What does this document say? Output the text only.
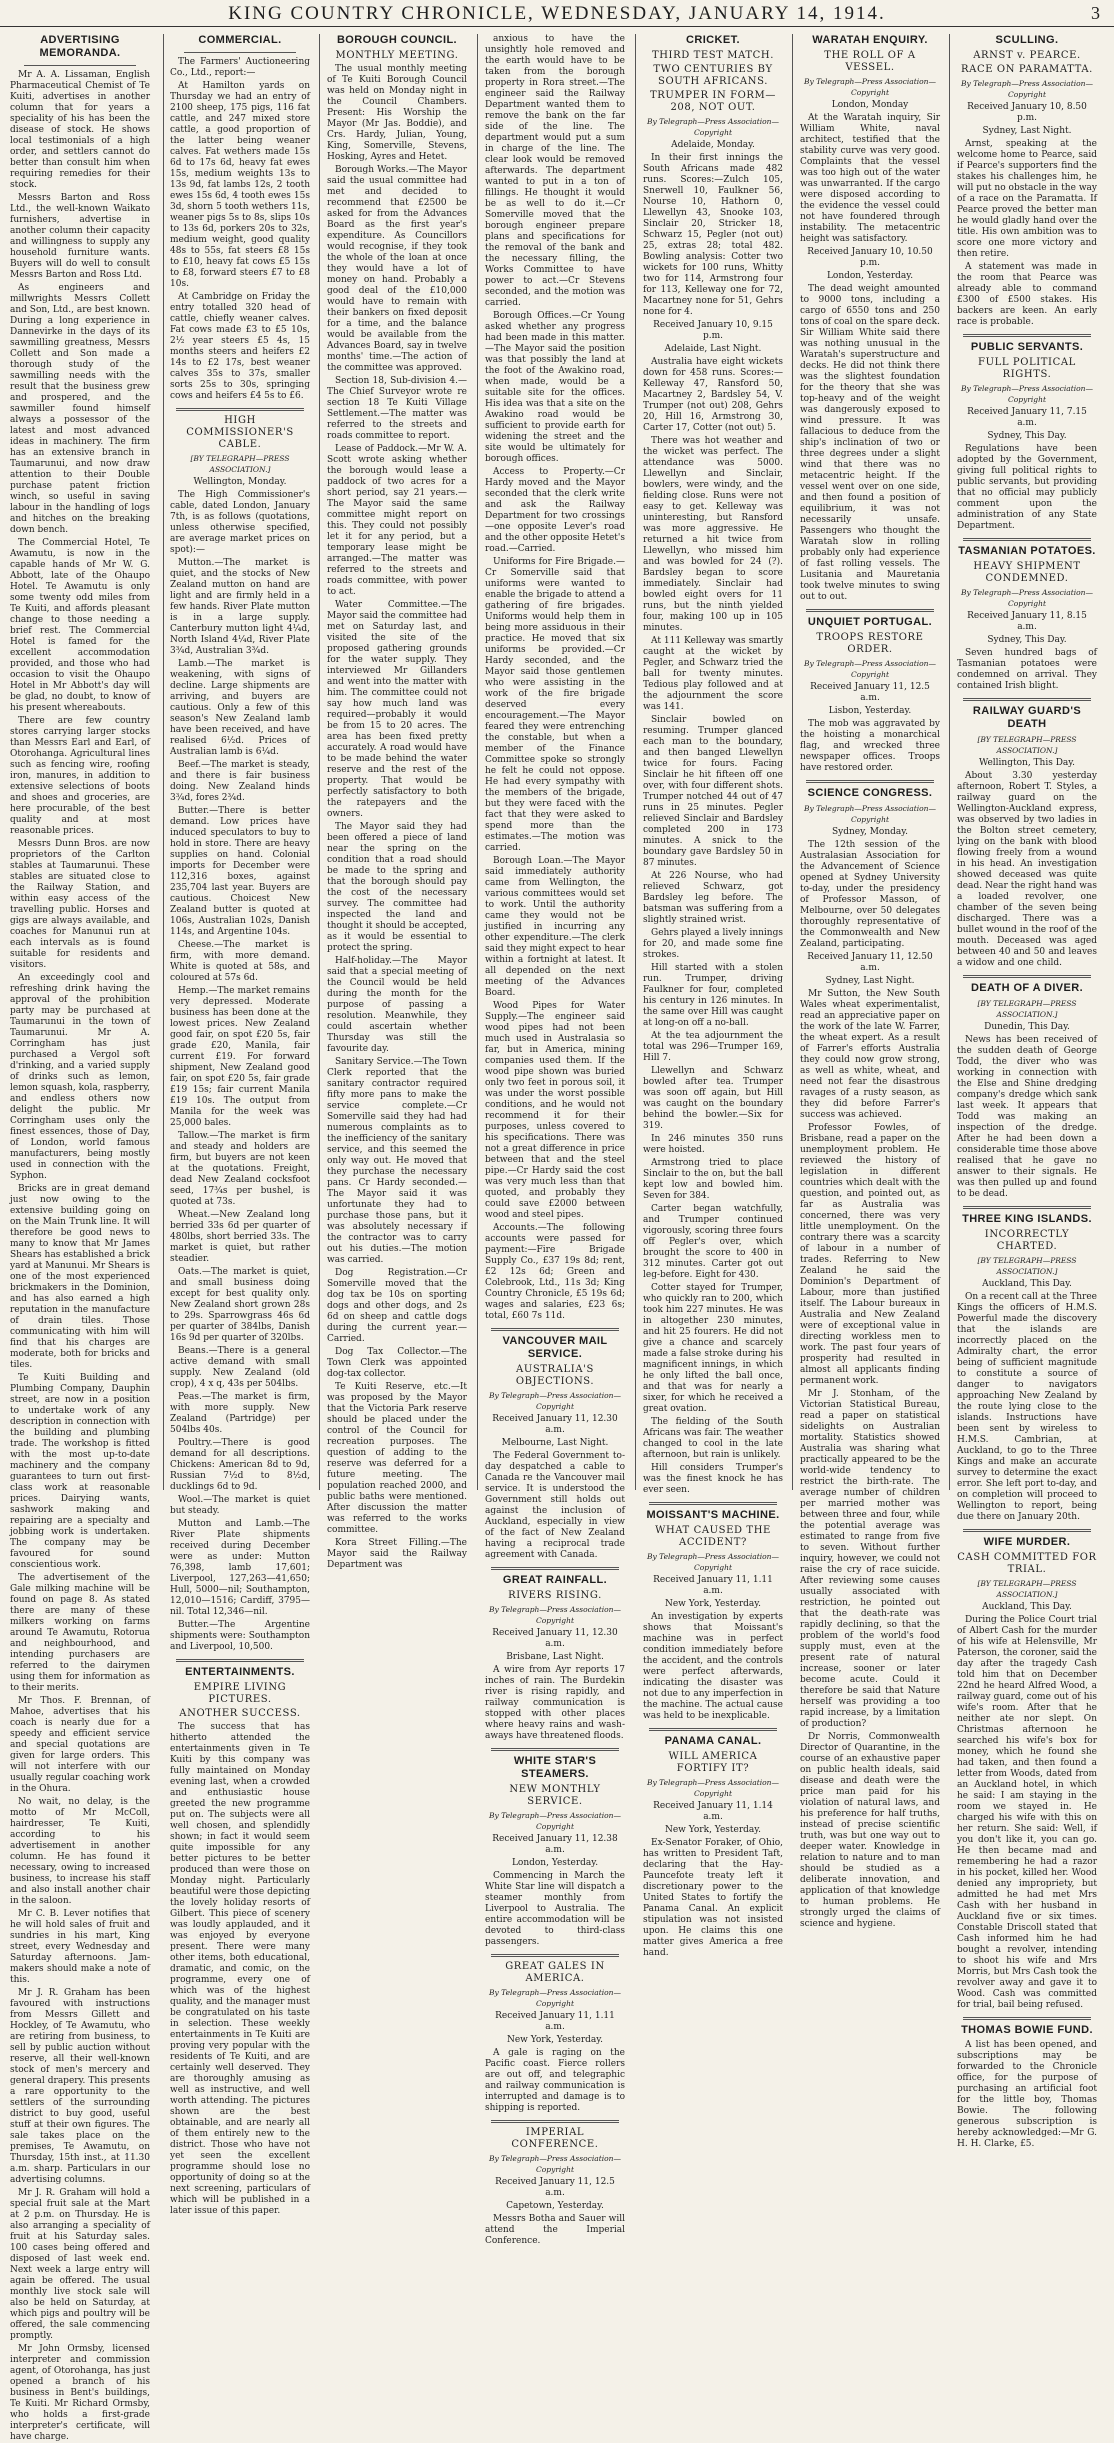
KING COUNTRY CHRONICLE, WEDNESDAY, JANUARY 14, 1914.	3
ADVERTISING MEMORANDA.

Mr A. A. Lissaman, English Pharmaceutical Chemist of Te Kuiti, advertises in another column that for years a speciality of his has been the disease of stock. He shows local testimonials of a high order, and settlers cannot do better than consult him when requiring remedies for their stock.

Messrs Barton and Ross Ltd., the well-known Waikato furnishers, advertise in another column their capacity and willingness to supply any household furniture wants. Buyers will do well to consult Messrs Barton and Ross Ltd.

As engineers and millwrights Messrs Collett and Son, Ltd., are best known. During a long experience in Dannevirke in the days of its sawmilling greatness, Messrs Collett and Son made a thorough study of the sawmilling needs with the result that the business grew and prospered, and the sawmiller found himself always a possessor of the latest and most advanced ideas in machinery. The firm has an extensive branch in Taumarunui, and now draw attention to their Double purchase patent friction winch, so useful in saving labour in the handling of logs and hitches on the breaking down bench.

The Commercial Hotel, Te Awamutu, is now in the capable hands of Mr W. G. Abbott, late of the Ohaupo Hotel. Te Awamutu is only some twenty odd miles from Te Kuiti, and affords pleasant change to those needing a brief rest. The Commercial Hotel is famed for the excellent accommodation provided, and those who had occasion to visit the Ohaupo Hotel in Mr Abbott's day will be glad, no doubt, to know of his present whereabouts.

There are few country stores carrying larger stocks than Messrs Earl and Earl, of Otorohanga. Agricultural lines such as fencing wire, roofing iron, manures, in addition to extensive selections of boots and shoes and groceries, are here procurable, of the best quality and at most reasonable prices.

Messrs Dunn Bros. are now proprietors of the Carlton stables at Taumarunui. These stables are situated close to the Railway Station, and within easy access of the travelling public. Horses and gigs are always available, and coaches for Manunui run at each intervals as is found suitable for residents and visitors.

An exceedingly cool and refreshing drink having the approval of the prohibition party may be purchased at Taumarunui in the town of Taumarunui. Mr A. Corringham has just purchased a Vergol soft d'rinking, and a varied supply of drinks such as lemon, lemon squash, kola, raspberry, and endless others now delight the public. Mr Corringham uses only the finest essences, those of Day, of London, world famous manufacturers, being mostly used in connection with the Syphon.

Bricks are in great demand just now owing to the extensive building going on on the Main Trunk line. It will therefore be good news to many to know that Mr James Shears has established a brick yard at Manunui. Mr Shears is one of the most experienced brickmakers in the Dominion, and has also earned a high reputation in the manufacture of drain tiles. Those communicating with him will find that his charges are moderate, both for bricks and tiles.

Te Kuiti Building and Plumbing Company, Dauphin street, are now in a position to undertake work of any description in connection with the building and plumbing trade. The workshop is fitted with the most up-to-date machinery and the company guarantees to turn out first-class work at reasonable prices. Dairying wants, sashwork making and repairing are a specialty and jobbing work is undertaken. The company may be favoured for sound conscientious work.

The advertisement of the Gale milking machine will be found on page 8. As stated there are many of these milkers working on farms around Te Awamutu, Rotorua and neighbourhood, and intending purchasers are referred to the dairymen using them for information as to their merits.

Mr Thos. F. Brennan, of Mahoe, advertises that his coach is nearly due for a speedy and efficient service and special quotations are given for large orders. This will not interfere with our usually regular coaching work in the Ohura.

No wait, no delay, is the motto of Mr McColl, hairdresser, Te Kuiti, according to his advertisement in another column. He has found it necessary, owing to increased business, to increase his staff and also install another chair in the saloon.

Mr C. B. Lever notifies that he will hold sales of fruit and sundries in his mart, King street, every Wednesday and Saturday afternoons. Jam-makers should make a note of this.

Mr J. R. Graham has been favoured with instructions from Messrs Gillett and Hockley, of Te Awamutu, who are retiring from business, to sell by public auction without reserve, all their well-known stock of men's mercery and general drapery. This presents a rare opportunity to the settlers of the surrounding district to buy good, useful stuff at their own figures. The sale takes place on the premises, Te Awamutu, on Thursday, 15th inst., at 11.30 a.m. sharp. Particulars in our advertising columns.

Mr J. R. Graham will hold a special fruit sale at the Mart at 2 p.m. on Thursday. He is also arranging a speciality of fruit at his Saturday sales. 100 cases being offered and disposed of last week end. Next week a large entry will again be offered. The usual monthly live stock sale will also be held on Saturday, at which pigs and poultry will be offered, the sale commencing promptly.

Mr John Ormsby, licensed interpreter and commission agent, of Otorohanga, has just opened a branch of his business in Bent's buildings, Te Kuiti. Mr Richard Ormsby, who holds a first-grade interpreter's certificate, will have charge.

COMMERCIAL.

The Farmers' Auctioneering Co., Ltd., report:—

At Hamilton yards on Thursday we had an entry of 2100 sheep, 175 pigs, 116 fat cattle, and 247 mixed store cattle, a good proportion of the latter being weaner calves. Fat wethers made 15s 6d to 17s 6d, heavy fat ewes 15s, medium weights 13s to 13s 9d, fat lambs 12s, 2 tooth ewes 15s 6d, 4 tooth ewes 15s 3d, shorn 5 tooth wethers 11s, weaner pigs 5s to 8s, slips 10s to 13s 6d, porkers 20s to 32s, medium weight, good quality 48s to 55s, fat steers £8 15s to £10, heavy fat cows £5 15s to £8, forward steers £7 to £8 10s.

At Cambridge on Friday the entry totalled 320 head of cattle, chiefly weaner calves. Fat cows made £3 to £5 10s, 2½ year steers £5 4s, 15 months steers and heifers £2 14s to £2 17s, best weaner calves 35s to 37s, smaller sorts 25s to 30s, springing cows and heifers £4 5s to £6.

HIGH COMMISSIONER'S CABLE.
[BY TELEGRAPH—PRESS ASSOCIATION.]
Wellington, Monday.

The High Commissioner's cable, dated London, January 7th, is as follows (quotations, unless otherwise specified, are average market prices on spot):—

Mutton.—The market is quiet, and the stocks of New Zealand mutton on hand are light and are firmly held in a few hands. River Plate mutton is in a large supply. Canterbury mutton light 4¼d, North Island 4¼d, River Plate 3¾d, Australian 3¾d.

Lamb.—The market is weakening, with signs of decline. Large shipments are arriving, and buyers are cautious. Only a few of this season's New Zealand lamb have been received, and have realised 6½d. Prices of Australian lamb is 6¼d.

Beef.—The market is steady, and there is fair business doing. New Zealand hinds 3¾d, fores 2¾d.

Butter.—There is better demand. Low prices have induced speculators to buy to hold in store. There are heavy supplies on hand. Colonial imports for December were 112,316 boxes, against 235,704 last year. Buyers are cautious. Choicest New Zealand butter is quoted at 106s, Australian 102s, Danish 114s, and Argentine 104s.

Cheese.—The market is firm, with more demand. White is quoted at 58s, and coloured at 57s 6d.

Hemp.—The market remains very depressed. Moderate business has been done at the lowest prices. New Zealand good fair, on spot £20 5s, fair grade £20, Manila, fair current £19. For forward shipment, New Zealand good fair, on spot £20 5s, fair grade £19 15s; fair current Manila £19 10s. The output from Manila for the week was 25,000 bales.

Tallow.—The market is firm and steady and holders are firm, but buyers are not keen at the quotations. Freight, dead New Zealand cocksfoot seed, 17¾s per bushel, is quoted at 73s.

Wheat.—New Zealand long berried 33s 6d per quarter of 480lbs, short berried 33s. The market is quiet, but rather steadier.

Oats.—The market is quiet, and small business doing except for best quality only. New Zealand short grown 28s to 29s. Sparrowgrass 46s 6d per quarter of 384lbs, Danish 16s 9d per quarter of 320lbs.

Beans.—There is a general active demand with small supply. New Zealand (old crop), 4 x q, 43s per 504lbs.

Peas.—The market is firm, with more supply. New Zealand (Partridge) per 504lbs 40s.

Poultry.—There is good demand for all descriptions. Chickens: American 8d to 9d, Russian 7½d to 8½d, ducklings 6d to 9d.

Wool.—The market is quiet but steady.

Mutton and Lamb.—The River Plate shipments received during December were as under: Mutton 76,398, lamb 17,601; Liverpool, 127,263—41,650; Hull, 5000—nil; Southampton, 12,010—1516; Cardiff, 3795—nil. Total 12,346—nil.

Butter.—The Argentine shipments were: Southampton and Liverpool, 10,500.

ENTERTAINMENTS.
EMPIRE LIVING PICTURES.
ANOTHER SUCCESS.

The success that has hitherto attended the entertainments given in Te Kuiti by this company was fully maintained on Monday evening last, when a crowded and enthusiastic house greeted the new programme put on. The subjects were all well chosen, and splendidly shown; in fact it would seem quite impossible for any better pictures to be better produced than were those on Monday night. Particularly beautiful were those depicting the lovely holiday resorts of Gilbert. This piece of scenery was loudly applauded, and it was enjoyed by everyone present. There were many other items, both educational, dramatic, and comic, on the programme, every one of which was of the highest quality, and the manager must be congratulated on his taste in selection. These weekly entertainments in Te Kuiti are proving very popular with the residents of Te Kuiti, and are certainly well deserved. They are thoroughly amusing as well as instructive, and well worth attending. The pictures shown are the best obtainable, and are nearly all of them entirely new to the district. Those who have not yet seen the excellent programme should lose no opportunity of doing so at the next screening, particulars of which will be published in a later issue of this paper.

BOROUGH COUNCIL.
MONTHLY MEETING.

The usual monthly meeting of Te Kuiti Borough Council was held on Monday night in the Council Chambers. Present: His Worship the Mayor (Mr Jas. Boddie), and Crs. Hardy, Julian, Young, King, Somerville, Stevens, Hosking, Ayres and Hetet.

Borough Works.—The Mayor said the usual committee had met and decided to recommend that £2500 be asked for from the Advances Board as the first year's expenditure. As Councillors would recognise, if they took the whole of the loan at once they would have a lot of money on hand. Probably a good deal of the £10,000 would have to remain with their bankers on fixed deposit for a time, and the balance would be available from the Advances Board, say in twelve months' time.—The action of the committee was approved.

Section 18, Sub-division 4.—The Chief Surveyor wrote re section 18 Te Kuiti Village Settlement.—The matter was referred to the streets and roads committee to report.

Lease of Paddock.—Mr W. A. Scott wrote asking whether the borough would lease a paddock of two acres for a short period, say 21 years.—The Mayor said the same committee might report on this. They could not possibly let it for any period, but a temporary lease might be arranged.—The matter was referred to the streets and roads committee, with power to act.

Water Committee.—The Mayor said the committee had met on Saturday last, and visited the site of the proposed gathering grounds for the water supply. They interviewed Mr Gillanders and went into the matter with him. The committee could not say how much land was required—probably it would be from 15 to 20 acres. The area has been fixed pretty accurately. A road would have to be made behind the water reserve and the rest of the property. That would be perfectly satisfactory to both the ratepayers and the owners.

The Mayor said they had been offered a piece of land near the spring on the condition that a road should be made to the spring and that the borough should pay the cost of the necessary survey. The committee had inspected the land and thought it should be accepted, as it would be essential to protect the spring.

Half-holiday.—The Mayor said that a special meeting of the Council would be held during the month for the purpose of passing a resolution. Meanwhile, they could ascertain whether Thursday was still the favourite day.

Sanitary Service.—The Town Clerk reported that the sanitary contractor required fifty more pans to make the service complete.—Cr Somerville said they had had numerous complaints as to the inefficiency of the sanitary service, and this seemed the only way out. He moved that they purchase the necessary pans. Cr Hardy seconded.—The Mayor said it was unfortunate they had to purchase those pans, but it was absolutely necessary if the contractor was to carry out his duties.—The motion was carried.

Dog Registration.—Cr Somerville moved that the dog tax be 10s on sporting dogs and other dogs, and 2s 6d on sheep and cattle dogs during the current year.—Carried.

Dog Tax Collector.—The Town Clerk was appointed dog-tax collector.

Te Kuiti Reserve, etc.—It was proposed by the Mayor that the Victoria Park reserve should be placed under the control of the Council for recreation purposes. The question of adding to the reserve was deferred for a future meeting. The population reached 2000, and public baths were mentioned. After discussion the matter was referred to the works committee.

Kora Street Filling.—The Mayor said the Railway Department was

anxious to have the unsightly hole removed and the earth would have to be taken from the borough property in Rora street.—The engineer said the Railway Department wanted them to remove the bank on the far side of the line. The department would put a sum in charge of the line. The clear look would be removed afterwards. The department wanted to put in a ton of fillings. He thought it would be as well to do it.—Cr Somerville moved that the borough engineer prepare plans and specifications for the removal of the bank and the necessary filling, the Works Committee to have power to act.—Cr Stevens seconded, and the motion was carried.

Borough Offices.—Cr Young asked whether any progress had been made in this matter.—The Mayor said the position was that possibly the land at the foot of the Awakino road, when made, would be a suitable site for the offices. His idea was that a site on the Awakino road would be sufficient to provide earth for widening the street and the site would be ultimately for borough offices.

Access to Property.—Cr Hardy moved and the Mayor seconded that the clerk write and ask the Railway Department for two crossings—one opposite Lever's road and the other opposite Hetet's road.—Carried.

Uniforms for Fire Brigade.—Cr Somerville said that uniforms were wanted to enable the brigade to attend a gathering of fire brigades. Uniforms would help them in being more assiduous in their practice. He moved that six uniforms be provided.—Cr Hardy seconded, and the Mayor said those gentlemen who were assisting in the work of the fire brigade deserved every encouragement.—The Mayor feared they were entrenching the constable, but when a member of the Finance Committee spoke so strongly he felt he could not oppose. He had every sympathy with the members of the brigade, but they were faced with the fact that they were asked to spend more than the estimates.—The motion was carried.

Borough Loan.—The Mayor said immediately authority came from Wellington, the various committees would set to work. Until the authority came they would not be justified in incurring any other expenditure.—The clerk said they might expect to hear within a fortnight at latest. It all depended on the next meeting of the Advances Board.

Wood Pipes for Water Supply.—The engineer said wood pipes had not been much used in Australasia so far, but in America, mining companies used them. If the wood pipe shown was buried only two feet in porous soil, it was under the worst possible conditions, and he would not recommend it for their purposes, unless covered to his specifications. There was not a great difference in price between that and the steel pipe.—Cr Hardy said the cost was very much less than that quoted, and probably they could save £2000 between wood and steel pipes.

Accounts.—The following accounts were passed for payment:—Fire Brigade Supply Co., £37 19s 8d; rent, £2 12s 6d; Green and Colebrook, Ltd., 11s 3d; King Country Chronicle, £5 19s 6d; wages and salaries, £23 6s; total, £60 7s 11d.

VANCOUVER MAIL SERVICE.
AUSTRALIA'S OBJECTIONS.
By Telegraph—Press Association—Copyright
Received January 11, 12.30 a.m.
Melbourne, Last Night.

The Federal Government to-day despatched a cable to Canada re the Vancouver mail service. It is understood the Government still holds out against the inclusion of Auckland, especially in view of the fact of New Zealand having a reciprocal trade agreement with Canada.

GREAT RAINFALL.
RIVERS RISING.
By Telegraph—Press Association—Copyright
Received January 11, 12.30 a.m.
Brisbane, Last Night.

A wire from Ayr reports 17 inches of rain. The Burdekin river is rising rapidly, and railway communication is stopped with other places where heavy rains and wash-aways have threatened floods.

WHITE STAR'S STEAMERS.
NEW MONTHLY SERVICE.
By Telegraph—Press Association—Copyright
Received January 11, 12.38 a.m.
London, Yesterday.

Commencing in March the White Star line will dispatch a steamer monthly from Liverpool to Australia. The entire accommodation will be devoted to third-class passengers.

GREAT GALES IN AMERICA.
By Telegraph—Press Association—Copyright
Received January 11, 1.11 a.m.
New York, Yesterday.

A gale is raging on the Pacific coast. Fierce rollers are out off, and telegraphic and railway communication is interrupted and damage is to shipping is reported.

IMPERIAL CONFERENCE.
By Telegraph—Press Association—Copyright
Received January 11, 12.5 a.m.
Capetown, Yesterday.

Messrs Botha and Sauer will attend the Imperial Conference.

CRICKET.
THIRD TEST MATCH.
TWO CENTURIES BY SOUTH AFRICANS.
TRUMPER IN FORM—208, NOT OUT.
By Telegraph—Press Association—Copyright
Adelaide, Monday.

In their first innings the South Africans made 482 runs. Scores:—Zulch 105, Snerwell 10, Faulkner 56, Nourse 10, Hathorn 0, Llewellyn 43, Snooke 103, Sinclair 20, Stricker 18, Schwarz 15, Pegler (not out) 25, extras 28; total 482. Bowling analysis: Cotter two wickets for 100 runs, Whitty two for 114, Armstrong four for 113, Kelleway one for 72, Macartney none for 51, Gehrs none for 4.

Received January 10, 9.15 p.m.
Adelaide, Last Night.

Australia have eight wickets down for 458 runs. Scores:—Kelleway 47, Ransford 50, Macartney 2, Bardsley 54, V. Trumper (not out) 208, Gehrs 20, Hill 16, Armstrong 30, Carter 17, Cotter (not out) 5.

There was hot weather and the wicket was perfect. The attendance was 5000. Llewellyn and Sinclair, bowlers, were windy, and the fielding close. Runs were not easy to get. Kelleway was uninteresting, but Ransford was more aggressive. He returned a hit twice from Llewellyn, who missed him and was bowled for 24 (?). Bardsley began to score immediately. Sinclair had bowled eight overs for 11 runs, but the ninth yielded four, making 100 up in 105 minutes.

At 111 Kelleway was smartly caught at the wicket by Pegler, and Schwarz tried the ball for twenty minutes. Tedious play followed and at the adjournment the score was 141.

Sinclair bowled on resuming. Trumper glanced each man to the boundary, and then banged Llewellyn twice for fours. Facing Sinclair he hit fifteen off one over, with four different shots. Trumper notched 44 out of 47 runs in 25 minutes. Pegler relieved Sinclair and Bardsley completed 200 in 173 minutes. A snick to the boundary gave Bardsley 50 in 87 minutes.

At 226 Nourse, who had relieved Schwarz, got Bardsley leg before. The batsman was suffering from a slightly strained wrist.

Gehrs played a lively innings for 20, and made some fine strokes.

Hill started with a stolen run. Trumper, driving Faulkner for four, completed his century in 126 minutes. In the same over Hill was caught at long-on off a no-ball.

At the tea adjournment the total was 296—Trumper 169, Hill 7.

Llewellyn and Schwarz bowled after tea. Trumper was soon off again, but Hill was caught on the boundary behind the bowler.—Six for 319.

In 246 minutes 350 runs were hoisted.

Armstrong tried to place Sinclair to the on, but the ball kept low and bowled him. Seven for 384.

Carter began watchfully, and Trumper continued vigorously, scoring three fours off Pegler's over, which brought the score to 400 in 312 minutes. Carter got out leg-before. Eight for 430.

Cotter stayed for Trumper, who quickly ran to 200, which took him 227 minutes. He was in altogether 230 minutes, and hit 25 fourers. He did not give a chance and scarcely made a false stroke during his magnificent innings, in which he only lifted the ball once, and that was for nearly a sixer, for which he received a great ovation.

The fielding of the South Africans was fair. The weather changed to cool in the late afternoon, but rain is unlikely.

Hill considers Trumper's was the finest knock he has ever seen.

MOISSANT'S MACHINE.
WHAT CAUSED THE ACCIDENT?
By Telegraph—Press Association—Copyright
Received January 11, 1.11 a.m.
New York, Yesterday.

An investigation by experts shows that Moissant's machine was in perfect condition immediately before the accident, and the controls were perfect afterwards, indicating the disaster was not due to any imperfection in the machine. The actual cause was held to be inexplicable.

PANAMA CANAL.
WILL AMERICA FORTIFY IT?
By Telegraph—Press Association—Copyright
Received January 11, 1.14 a.m.
New York, Yesterday.

Ex-Senator Foraker, of Ohio, has written to President Taft, declaring that the Hay-Pauncefote treaty left it discretionary power to the United States to fortify the Panama Canal. An explicit stipulation was not insisted upon. He claims this one matter gives America a free hand.

WARATAH ENQUIRY.
THE ROLL OF A VESSEL.
By Telegraph—Press Association—Copyright
London, Monday

At the Waratah inquiry, Sir William White, naval architect, testified that the stability curve was very good. Complaints that the vessel was too high out of the water was unwarranted. If the cargo were disposed according to the evidence the vessel could not have foundered through instability. The metacentric height was satisfactory.

Received January 10, 10.50 p.m.
London, Yesterday.

The dead weight amounted to 9000 tons, including a cargo of 6550 tons and 250 tons of coal on the spare deck. Sir William White said there was nothing unusual in the Waratah's superstructure and decks. He did not think there was the slightest foundation for the theory that she was top-heavy and of the weight was dangerously exposed to wind pressure. It was fallacious to deduce from the ship's inclination of two or three degrees under a slight wind that there was no metacentric height. If the vessel went over on one side, and then found a position of equilibrium, it was not necessarily unsafe. Passengers who thought the Waratah slow in rolling probably only had experience of fast rolling vessels. The Lusitania and Mauretania took twelve minutes to swing out to out.

UNQUIET PORTUGAL.
TROOPS RESTORE ORDER.
By Telegraph—Press Association—Copyright
Received January 11, 12.5 a.m.
Lisbon, Yesterday.

The mob was aggravated by the hoisting a monarchical flag, and wrecked three newspaper offices. Troops have restored order.

SCIENCE CONGRESS.
By Telegraph—Press Association—Copyright
Sydney, Monday.

The 12th session of the Australasian Association for the Advancement of Science opened at Sydney University to-day, under the presidency of Professor Masson, of Melbourne, over 50 delegates thoroughly representative of the Commonwealth and New Zealand, participating.

Received January 11, 12.50 a.m.
Sydney, Last Night.

Mr Sutton, the New South Wales wheat experimentalist, read an appreciative paper on the work of the late W. Farrer, the wheat expert. As a result of Farrer's efforts Australia they could now grow strong, as well as white, wheat, and need not fear the disastrous ravages of a rusty season, as they did before Farrer's success was achieved.

Professor Fowles, of Brisbane, read a paper on the unemployment problem. He reviewed the history of legislation in different countries which dealt with the question, and pointed out, as far as Australia was concerned, there was very little unemployment. On the contrary there was a scarcity of labour in a number of trades. Referring to New Zealand he said the Dominion's Department of Labour, more than justified itself. The Labour bureaux in Australia and New Zealand were of exceptional value in directing workless men to work. The past four years of prosperity had resulted in almost all applicants finding permanent work.

Mr J. Stonham, of the Victorian Statistical Bureau, read a paper on statistical sidelights on Australian mortality. Statistics showed Australia was sharing what practically appeared to be the world-wide tendency to restrict the birth-rate. The average number of children per married mother was between three and four, while the potential average was estimated to range from five to seven. Without further inquiry, however, we could not raise the cry of race suicide. After reviewing some causes usually associated with restriction, he pointed out that the death-rate was rapidly declining, so that the problem of the world's food supply must, even at the present rate of natural increase, sooner or later become acute. Could it therefore be said that Nature herself was providing a too rapid increase, by a limitation of production?

Dr Norris, Commonwealth Director of Quarantine, in the course of an exhaustive paper on public health ideals, said disease and death were the price man paid for his violation of natural laws, and his preference for half truths, instead of precise scientific truth, was but one way out to deeper water. Knowledge in relation to nature and to man should be studied as a deliberate innovation, and application of that knowledge to human problems. He strongly urged the claims of science and hygiene.

SCULLING.
ARNST v. PEARCE.
RACE ON PARAMATTA.
By Telegraph—Press Association—Copyright
Received January 10, 8.50 p.m.
Sydney, Last Night.

Arnst, speaking at the welcome home to Pearce, said if Pearce's supporters find the stakes his challenges him, he will put no obstacle in the way of a race on the Paramatta. If Pearce proved the better man he would gladly hand over the title. His own ambition was to score one more victory and then retire.

A statement was made in the room that Pearce was already able to command £300 of £500 stakes. His backers are keen. An early race is probable.

PUBLIC SERVANTS.
FULL POLITICAL RIGHTS.
By Telegraph—Press Association—Copyright
Received January 11, 7.15 a.m.
Sydney, This Day.

Regulations have been adopted by the Government, giving full political rights to public servants, but providing that no official may publicly comment upon the administration of any State Department.

TASMANIAN POTATOES.
HEAVY SHIPMENT CONDEMNED.
By Telegraph—Press Association—Copyright
Received January 11, 8.15 a.m.
Sydney, This Day.

Seven hundred bags of Tasmanian potatoes were condemned on arrival. They contained Irish blight.

RAILWAY GUARD'S DEATH
[BY TELEGRAPH—PRESS ASSOCIATION.]
Wellington, This Day.

About 3.30 yesterday afternoon, Robert T. Styles, a railway guard on the Wellington-Auckland express, was observed by two ladies in the Bolton street cemetery, lying on the bank with blood flowing freely from a wound in his head. An investigation showed deceased was quite dead. Near the right hand was a loaded revolver, one chamber of the seven being discharged. There was a bullet wound in the roof of the mouth. Deceased was aged between 40 and 50 and leaves a widow and one child.

DEATH OF A DIVER.
[BY TELEGRAPH—PRESS ASSOCIATION.]
Dunedin, This Day.

News has been received of the sudden death of George Todd, the diver who was working in connection with the Else and Shine dredging company's dredge which sank last week. It appears that Todd was making an inspection of the dredge. After he had been down a considerable time those above realised that he gave no answer to their signals. He was then pulled up and found to be dead.

THREE KING ISLANDS.
INCORRECTLY CHARTED.
[BY TELEGRAPH—PRESS ASSOCIATION.]
Auckland, This Day.

On a recent call at the Three Kings the officers of H.M.S. Powerful made the discovery that the islands are incorrectly placed on the Admiralty chart, the error being of sufficient magnitude to constitute a source of danger to navigators approaching New Zealand by the route lying close to the islands. Instructions have been sent by wireless to H.M.S. Cambrian, at Auckland, to go to the Three Kings and make an accurate survey to determine the exact error. She left port to-day, and on completion will proceed to Wellington to report, being due there on January 20th.

WIFE MURDER.
CASH COMMITTED FOR TRIAL.
[BY TELEGRAPH—PRESS ASSOCIATION.]
Auckland, This Day.

During the Police Court trial of Albert Cash for the murder of his wife at Helensville, Mr Paterson, the coroner, said the day after the tragedy Cash told him that on December 22nd he heard Alfred Wood, a railway guard, come out of his wife's room. After that he neither ate nor slept. On Christmas afternoon he searched his wife's box for money, which he found she had taken, and then found a letter from Woods, dated from an Auckland hotel, in which he said: I am staying in the room we stayed in. He charged his wife with this on her return. She said: Well, if you don't like it, you can go. He then became mad and remembering he had a razor in his pocket, killed her. Wood denied any impropriety, but admitted he had met Mrs Cash with her husband in Auckland five or six times. Constable Driscoll stated that Cash informed him he had bought a revolver, intending to shoot his wife and Mrs Morris, but Mrs Cash took the revolver away and gave it to Wood. Cash was committed for trial, bail being refused.

THOMAS BOWIE FUND.

A list has been opened, and subscriptions may be forwarded to the Chronicle office, for the purpose of purchasing an artificial foot for the little boy, Thomas Bowie. The following generous subscription is hereby acknowledged:—Mr G. H. H. Clarke, £5.
